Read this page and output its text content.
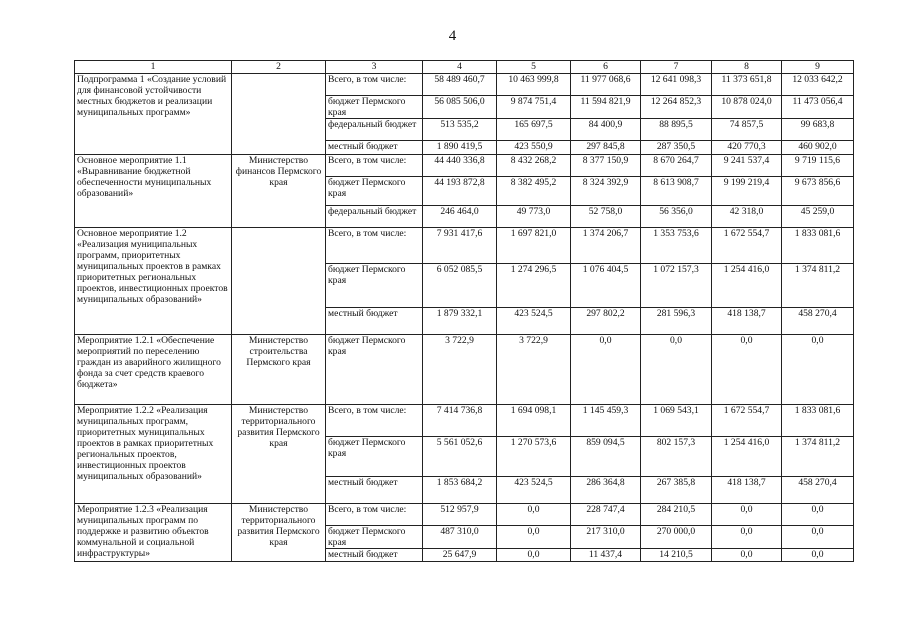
4
1	2	3	4	5	6	7	8	9
Подпрограмма 1 «Создание условий для финансовой устойчивости местных бюджетов и реализации муниципальных программ»		Всего, в том числе:	58 489 460,7	10 463 999,8	11 977 068,6	12 641 098,3	11 373 651,8	12 033 642,2
		бюджет Пермского края	56 085 506,0	9 874 751,4	11 594 821,9	12 264 852,3	10 878 024,0	11 473 056,4
		федеральный бюджет	513 535,2	165 697,5	84 400,9	88 895,5	74 857,5	99 683,8
		местный бюджет	1 890 419,5	423 550,9	297 845,8	287 350,5	420 770,3	460 902,0
Основное мероприятие 1.1 «Выравнивание бюджетной обеспеченности муниципальных образований»	Министерство финансов Пермского края	Всего, в том числе:	44 440 336,8	8 432 268,2	8 377 150,9	8 670 264,7	9 241 537,4	9 719 115,6
		бюджет Пермского края	44 193 872,8	8 382 495,2	8 324 392,9	8 613 908,7	9 199 219,4	9 673 856,6
		федеральный бюджет	246 464,0	49 773,0	52 758,0	56 356,0	42 318,0	45 259,0
Основное мероприятие 1.2 «Реализация муниципальных программ, приоритетных муниципальных проектов в рамках приоритетных региональных проектов, инвестиционных проектов муниципальных образований»		Всего, в том числе:	7 931 417,6	1 697 821,0	1 374 206,7	1 353 753,6	1 672 554,7	1 833 081,6
		бюджет Пермского края	6 052 085,5	1 274 296,5	1 076 404,5	1 072 157,3	1 254 416,0	1 374 811,2
		местный бюджет	1 879 332,1	423 524,5	297 802,2	281 596,3	418 138,7	458 270,4
Мероприятие 1.2.1 «Обеспечение мероприятий по переселению граждан из аварийного жилищного фонда за счет средств краевого бюджета»	Министерство строительства Пермского края	бюджет Пермского края	3 722,9	3 722,9	0,0	0,0	0,0	0,0
Мероприятие 1.2.2 «Реализация муниципальных программ, приоритетных муниципальных проектов в рамках приоритетных региональных проектов, инвестиционных проектов муниципальных образований»	Министерство территориального развития Пермского края	Всего, в том числе:	7 414 736,8	1 694 098,1	1 145 459,3	1 069 543,1	1 672 554,7	1 833 081,6
		бюджет Пермского края	5 561 052,6	1 270 573,6	859 094,5	802 157,3	1 254 416,0	1 374 811,2
		местный бюджет	1 853 684,2	423 524,5	286 364,8	267 385,8	418 138,7	458 270,4
Мероприятие 1.2.3 «Реализация муниципальных программ по поддержке и развитию объектов коммунальной и социальной инфраструктуры»	Министерство территориального развития Пермского края	Всего, в том числе:	512 957,9	0,0	228 747,4	284 210,5	0,0	0,0
		бюджет Пермского края	487 310,0	0,0	217 310,0	270 000,0	0,0	0,0
		местный бюджет	25 647,9	0,0	11 437,4	14 210,5	0,0	0,0
